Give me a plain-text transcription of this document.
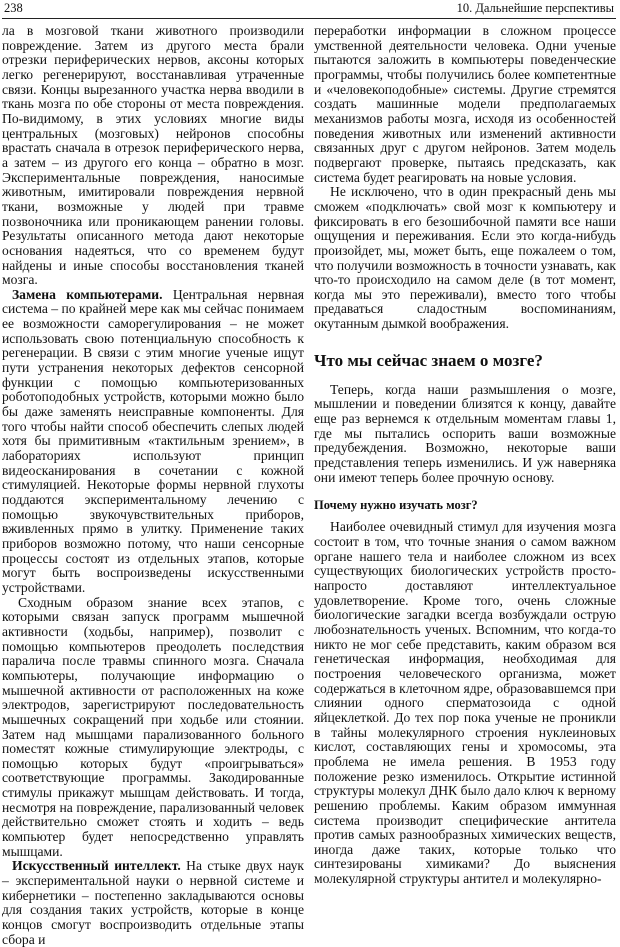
238	10. Дальнейшие перспективы

ла в мозговой ткани животного производили повреждение. Затем из другого места брали отрезки периферических нервов, аксоны которых легко регенерируют, восстанавливая утраченные связи. Концы вырезанного участка нерва вводили в ткань мозга по обе стороны от места повреждения. По-видимому, в этих условиях многие виды центральных (мозговых) нейронов способны врастать сначала в отрезок периферического нерва, а затем – из другого его конца – обратно в мозг. Экспериментальные повреждения, наносимые животным, имитировали повреждения нервной ткани, возможные у людей при травме позвоночника или проникающем ранении головы. Результаты описанного метода дают некоторые основания надеяться, что со временем будут найдены и иные способы восстановления тканей мозга.

Замена компьютерами. Центральная нервная система – по крайней мере как мы сейчас понимаем ее возможности саморегулирования – не может использовать свою потенциальную способность к регенерации. В связи с этим многие ученые ищут пути устранения некоторых дефектов сенсорной функции с помощью компьютеризованных роботоподобных устройств, которыми можно было бы даже заменять неисправные компоненты. Для того чтобы найти способ обеспечить слепых людей хотя бы примитивным «тактильным зрением», в лабораториях используют принцип видеосканирования в сочетании с кожной стимуляцией. Некоторые формы нервной глухоты поддаются экспериментальному лечению с помощью звукочувствительных приборов, вживленных прямо в улитку. Применение таких приборов возможно потому, что наши сенсорные процессы состоят из отдельных этапов, которые могут быть воспроизведены искусственными устройствами.

Сходным образом знание всех этапов, с которыми связан запуск программ мышечной активности (ходьбы, например), позволит с помощью компьютеров преодолеть последствия паралича после травмы спинного мозга. Сначала компьютеры, получающие информацию о мышечной активности от расположенных на коже электродов, зарегистрируют последовательность мышечных сокращений при ходьбе или стоянии. Затем над мышцами парализованного больного поместят кожные стимулирующие электроды, с помощью которых будут «проигрываться» соответствующие программы. Закодированные стимулы прикажут мышцам действовать. И тогда, несмотря на повреждение, парализованный человек действительно сможет стоять и ходить – ведь компьютер будет непосредственно управлять мышцами.

Искусственный интеллект. На стыке двух наук – экспериментальной науки о нервной системе и кибернетики – постепенно закладываются основы для создания таких устройств, которые в конце концов смогут воспроизводить отдельные этапы сбора и

переработки информации в сложном процессе умственной деятельности человека. Одни ученые пытаются заложить в компьютеры поведенческие программы, чтобы получились более компетентные и «человекоподобные» системы. Другие стремятся создать машинные модели предполагаемых механизмов работы мозга, исходя из особенностей поведения животных или изменений активности связанных друг с другом нейронов. Затем модель подвергают проверке, пытаясь предсказать, как система будет реагировать на новые условия.

Не исключено, что в один прекрасный день мы сможем «подключать» свой мозг к компьютеру и фиксировать в его безошибочной памяти все наши ощущения и переживания. Если это когда-нибудь произойдет, мы, может быть, еще пожалеем о том, что получили возможность в точности узнавать, как что-то происходило на самом деле (в тот момент, когда мы это переживали), вместо того чтобы предаваться сладостным воспоминаниям, окутанным дымкой воображения.

Что мы сейчас знаем о мозге?

Теперь, когда наши размышления о мозге, мышлении и поведении близятся к концу, давайте еще раз вернемся к отдельным моментам главы 1, где мы пытались оспорить ваши возможные предубеждения. Возможно, некоторые ваши представления теперь изменились. И уж наверняка они имеют теперь более прочную основу.

Почему нужно изучать мозг?

Наиболее очевидный стимул для изучения мозга состоит в том, что точные знания о самом важном органе нашего тела и наиболее сложном из всех существующих биологических устройств просто-напросто доставляют интеллектуальное удовлетворение. Кроме того, очень сложные биологические загадки всегда возбуждали острую любознательность ученых. Вспомним, что когда-то никто не мог себе представить, каким образом вся генетическая информация, необходимая для построения человеческого организма, может содержаться в клеточном ядре, образовавшемся при слиянии одного сперматозоида с одной яйцеклеткой. До тех пор пока ученые не проникли в тайны молекулярного строения нуклеиновых кислот, составляющих гены и хромосомы, эта проблема не имела решения. В 1953 году положение резко изменилось. Открытие истинной структуры молекул ДНК было дало ключ к верному решению проблемы. Каким образом иммунная система производит специфические антитела против самых разнообразных химических веществ, иногда даже таких, которые только что синтезированы химиками? До выяснения молекулярной структуры антител и молекулярно-
